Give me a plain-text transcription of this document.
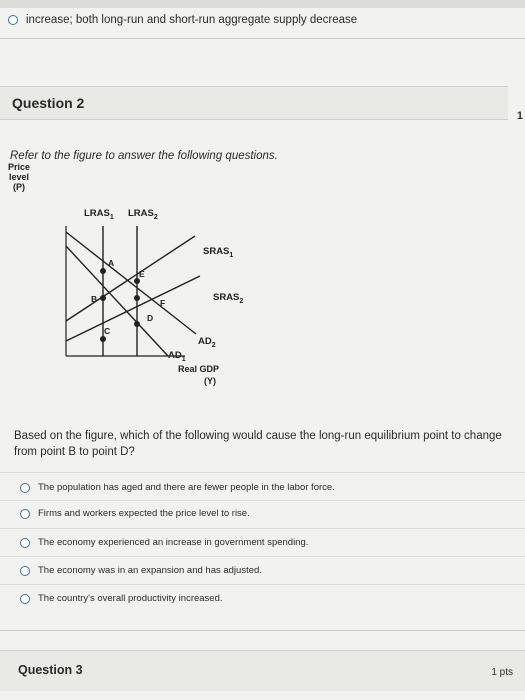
increase; both long-run and short-run aggregate supply decrease
Question 2
1
Refer to the figure to answer the following questions.
Price
level
(P)
$LRAS_1$ $LRAS_2$
$SRAS_1$
$SRAS_2$
$AD_2$
$AD_1$
A
B
C
D
E
F
Real GDP
(Y)
Based on the figure, which of the following would cause the long-run equilibrium point to change from point B to point D?
The population has aged and there are fewer people in the labor force.
Firms and workers expected the price level to rise.
The economy experienced an increase in government spending.
The economy was in an expansion and has adjusted.
The country's overall productivity increased.
Question 3	1 pts
